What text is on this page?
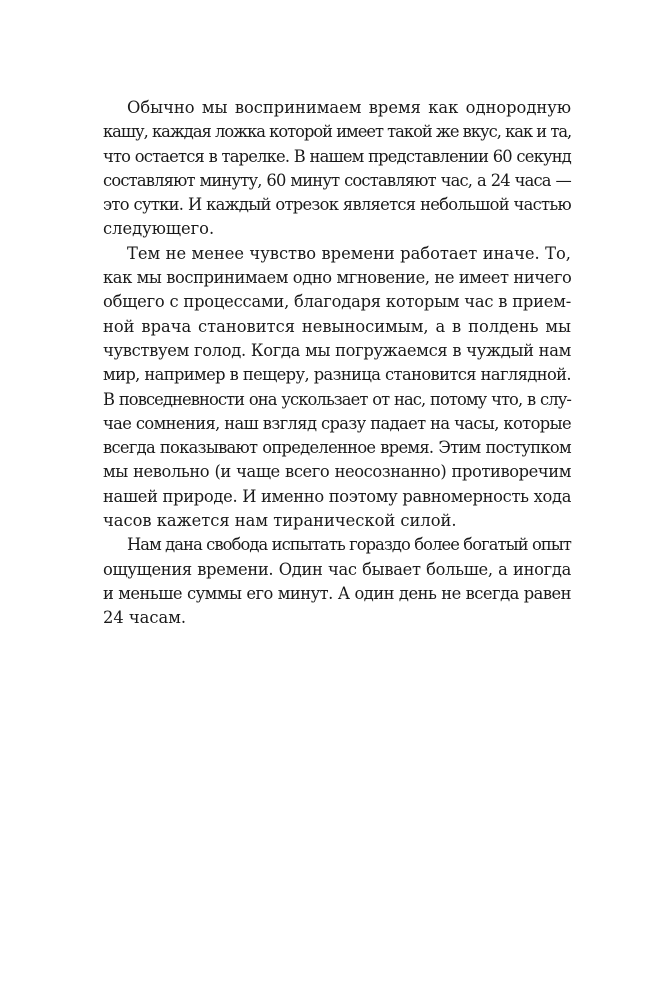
Обычно мы воспринимаем время как однородную
кашу, каждая ложка которой имеет такой же вкус, как и та,
что остается в тарелке. В нашем представлении 60 секунд
составляют минуту, 60 минут составляют час, а 24 часа —
это сутки. И каждый отрезок является небольшой частью
следующего.

Тем не менее чувство времени работает иначе. То,
как мы воспринимаем одно мгновение, не имеет ничего
общего с процессами, благодаря которым час в прием-
ной врача становится невыносимым, а в полдень мы
чувствуем голод. Когда мы погружаемся в чуждый нам
мир, например в пещеру, разница становится наглядной.
В повседневности она ускользает от нас, потому что, в слу-
чае сомнения, наш взгляд сразу падает на часы, которые
всегда показывают определенное время. Этим поступком
мы невольно (и чаще всего неосознанно) противоречим
нашей природе. И именно поэтому равномерность хода
часов кажется нам тиранической силой.

Нам дана свобода испытать гораздо более богатый опыт
ощущения времени. Один час бывает больше, а иногда
и меньше суммы его минут. А один день не всегда равен
24 часам.
